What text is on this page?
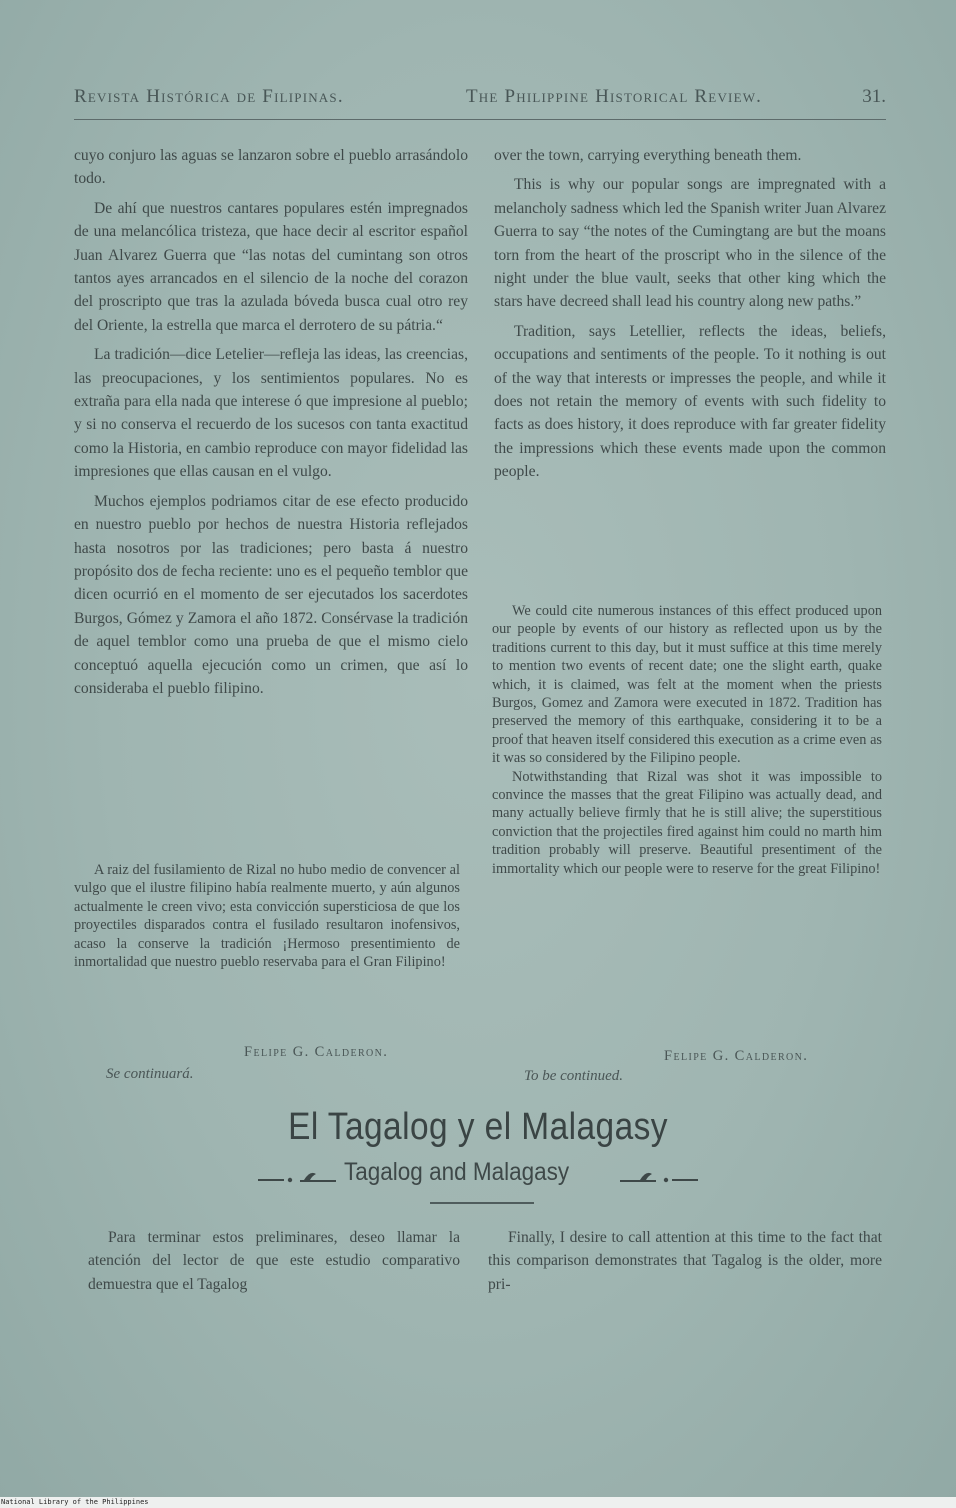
Revista Histórica de Filipinas.	The Philippine Historical Review.	31.

cuyo conjuro las aguas se lanzaron sobre el pueblo arrasándolo todo.

De ahí que nuestros cantares populares estén impregnados de una melancólica tristeza, que hace decir al escritor español Juan Alvarez Guerra que “las notas del cumintang son otros tantos ayes arrancados en el silencio de la noche del corazon del proscripto que tras la azulada bóveda busca cual otro rey del Oriente, la estrella que marca el derrotero de su pátria.“

La tradición—dice Letelier—refleja las ideas, las creencias, las preocupaciones, y los sentimientos populares. No es extraña para ella nada que interese ó que impresione al pueblo; y si no conserva el recuerdo de los sucesos con tanta exactitud como la Historia, en cambio reproduce con mayor fidelidad las impresiones que ellas causan en el vulgo.

Muchos ejemplos podriamos citar de ese efecto producido en nuestro pueblo por hechos de nuestra Historia reflejados hasta nosotros por las tradiciones; pero basta á nuestro propósito dos de fecha reciente: uno es el pequeño temblor que dicen ocurrió en el momento de ser ejecutados los sacerdotes Burgos, Gómez y Zamora el año 1872. Consérvase la tradición de aquel temblor como una prueba de que el mismo cielo conceptuó aquella ejecución como un crimen, que así lo consideraba el pueblo filipino.

A raiz del fusilamiento de Rizal no hubo medio de convencer al vulgo que el ilustre filipino había realmente muerto, y aún algunos actualmente le creen vivo; esta convicción supersticiosa de que los proyectiles disparados contra el fusilado resultaron inofensivos, acaso la conserve la tradición ¡Hermoso presentimiento de inmortalidad que nuestro pueblo reservaba para el Gran Filipino!

Felipe G. Calderon.
Se continuará.

over the town, carrying everything beneath them.

This is why our popular songs are impregnated with a melancholy sadness which led the Spanish writer Juan Alvarez Guerra to say “the notes of the Cumingtang are but the moans torn from the heart of the proscript who in the silence of the night under the blue vault, seeks that other king which the stars have decreed shall lead his country along new paths.”

Tradition, says Letellier, reflects the ideas, beliefs, occupations and sentiments of the people. To it nothing is out of the way that interests or impresses the people, and while it does not retain the memory of events with such fidelity to facts as does history, it does reproduce with far greater fidelity the impressions which these events made upon the common people.

We could cite numerous instances of this effect produced upon our people by events of our history as reflected upon us by the traditions current to this day, but it must suffice at this time merely to mention two events of recent date; one the slight earth, quake which, it is claimed, was felt at the moment when the priests Burgos, Gomez and Zamora were executed in 1872. Tradition has preserved the memory of this earthquake, considering it to be a proof that heaven itself considered this execution as a crime even as it was so considered by the Filipino people.

Notwithstanding that Rizal was shot it was impossible to convince the masses that the great Filipino was actually dead, and many actually believe firmly that he is still alive; the superstitious conviction that the projectiles fired against him could no marth him tradition probably will preserve. Beautiful presentiment of the immortality which our people were to reserve for the great Filipino!

Felipe G. Calderon.
To be continued.
El Tagalog y el Malagasy
Tagalog and Malagasy

Para terminar estos preliminares, deseo llamar la atención del lector de que este estudio comparativo demuestra que el Tagalog

Finally, I desire to call attention at this time to the fact that this comparison demonstrates that Tagalog is the older, more pri-

National Library of the Philippines
